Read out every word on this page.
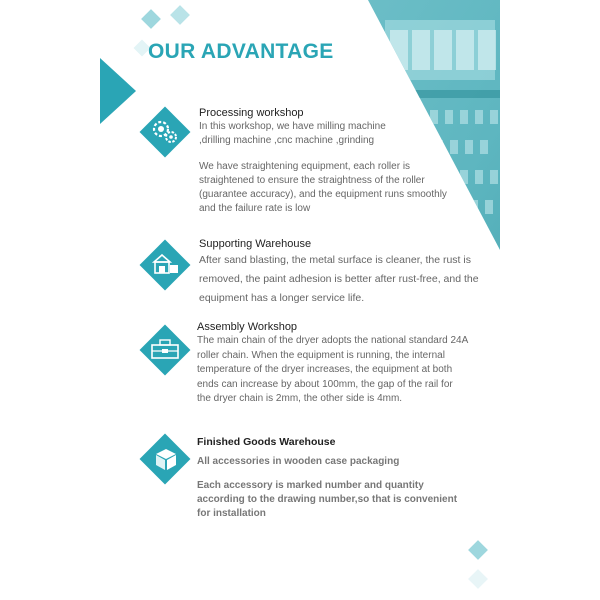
OUR ADVANTAGE
Processing workshop

In this workshop, we have milling machine

,drilling machine ,cnc machine ,grinding

We have straightening equipment, each roller is

straightened to ensure the straightness of the roller

(guarantee accuracy), and the equipment runs smoothly

and the failure rate is low

Supporting Warehouse

After sand blasting, the metal surface is cleaner, the rust is

removed, the paint adhesion is better after rust-free, and the

equipment has a longer service life.

Assembly Workshop

The main chain of the dryer adopts the national standard 24A

roller chain. When the equipment is running, the internal

temperature of the dryer increases, the equipment at both

ends can increase by about 100mm, the gap of the rail for

the dryer chain is 2mm, the other side is 4mm.

Finished Goods Warehouse

All accessories in wooden case packaging

Each accessory is marked number and quantity

according to the drawing number,so that is convenient

for installation
